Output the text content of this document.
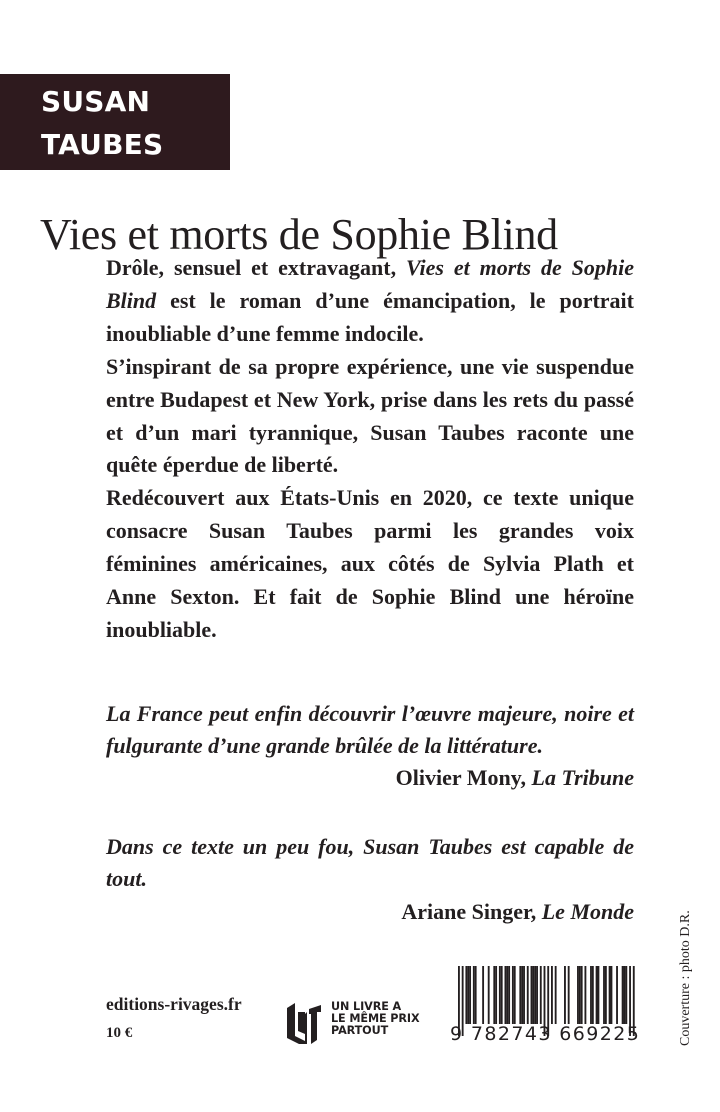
SUSAN
TAUBES
Vies et morts de Sophie Blind

Drôle, sensuel et extravagant, Vies et morts de Sophie Blind est le roman d’une émancipation, le portrait inoubliable d’une femme indocile.

S’inspirant de sa propre expérience, une vie suspendue entre Budapest et New York, prise dans les rets du passé et d’un mari tyrannique, Susan Taubes raconte une quête éperdue de liberté.

Redécouvert aux États-Unis en 2020, ce texte unique consacre Susan Taubes parmi les grandes voix féminines américaines, aux côtés de Sylvia Plath et Anne Sexton. Et fait de Sophie Blind une héroïne inoubliable.

La France peut enfin découvrir l’œuvre majeure, noire et fulgurante d’une grande brûlée de la littérature.

Olivier Mony, La Tribune

Dans ce texte un peu fou, Susan Taubes est capable de tout.

Ariane Singer, Le Monde

editions-rivages.fr
10 €
UN LIVRE A
LE MÊME PRIX
PARTOUT	9 782743 669225	Couverture : photo D.R.
